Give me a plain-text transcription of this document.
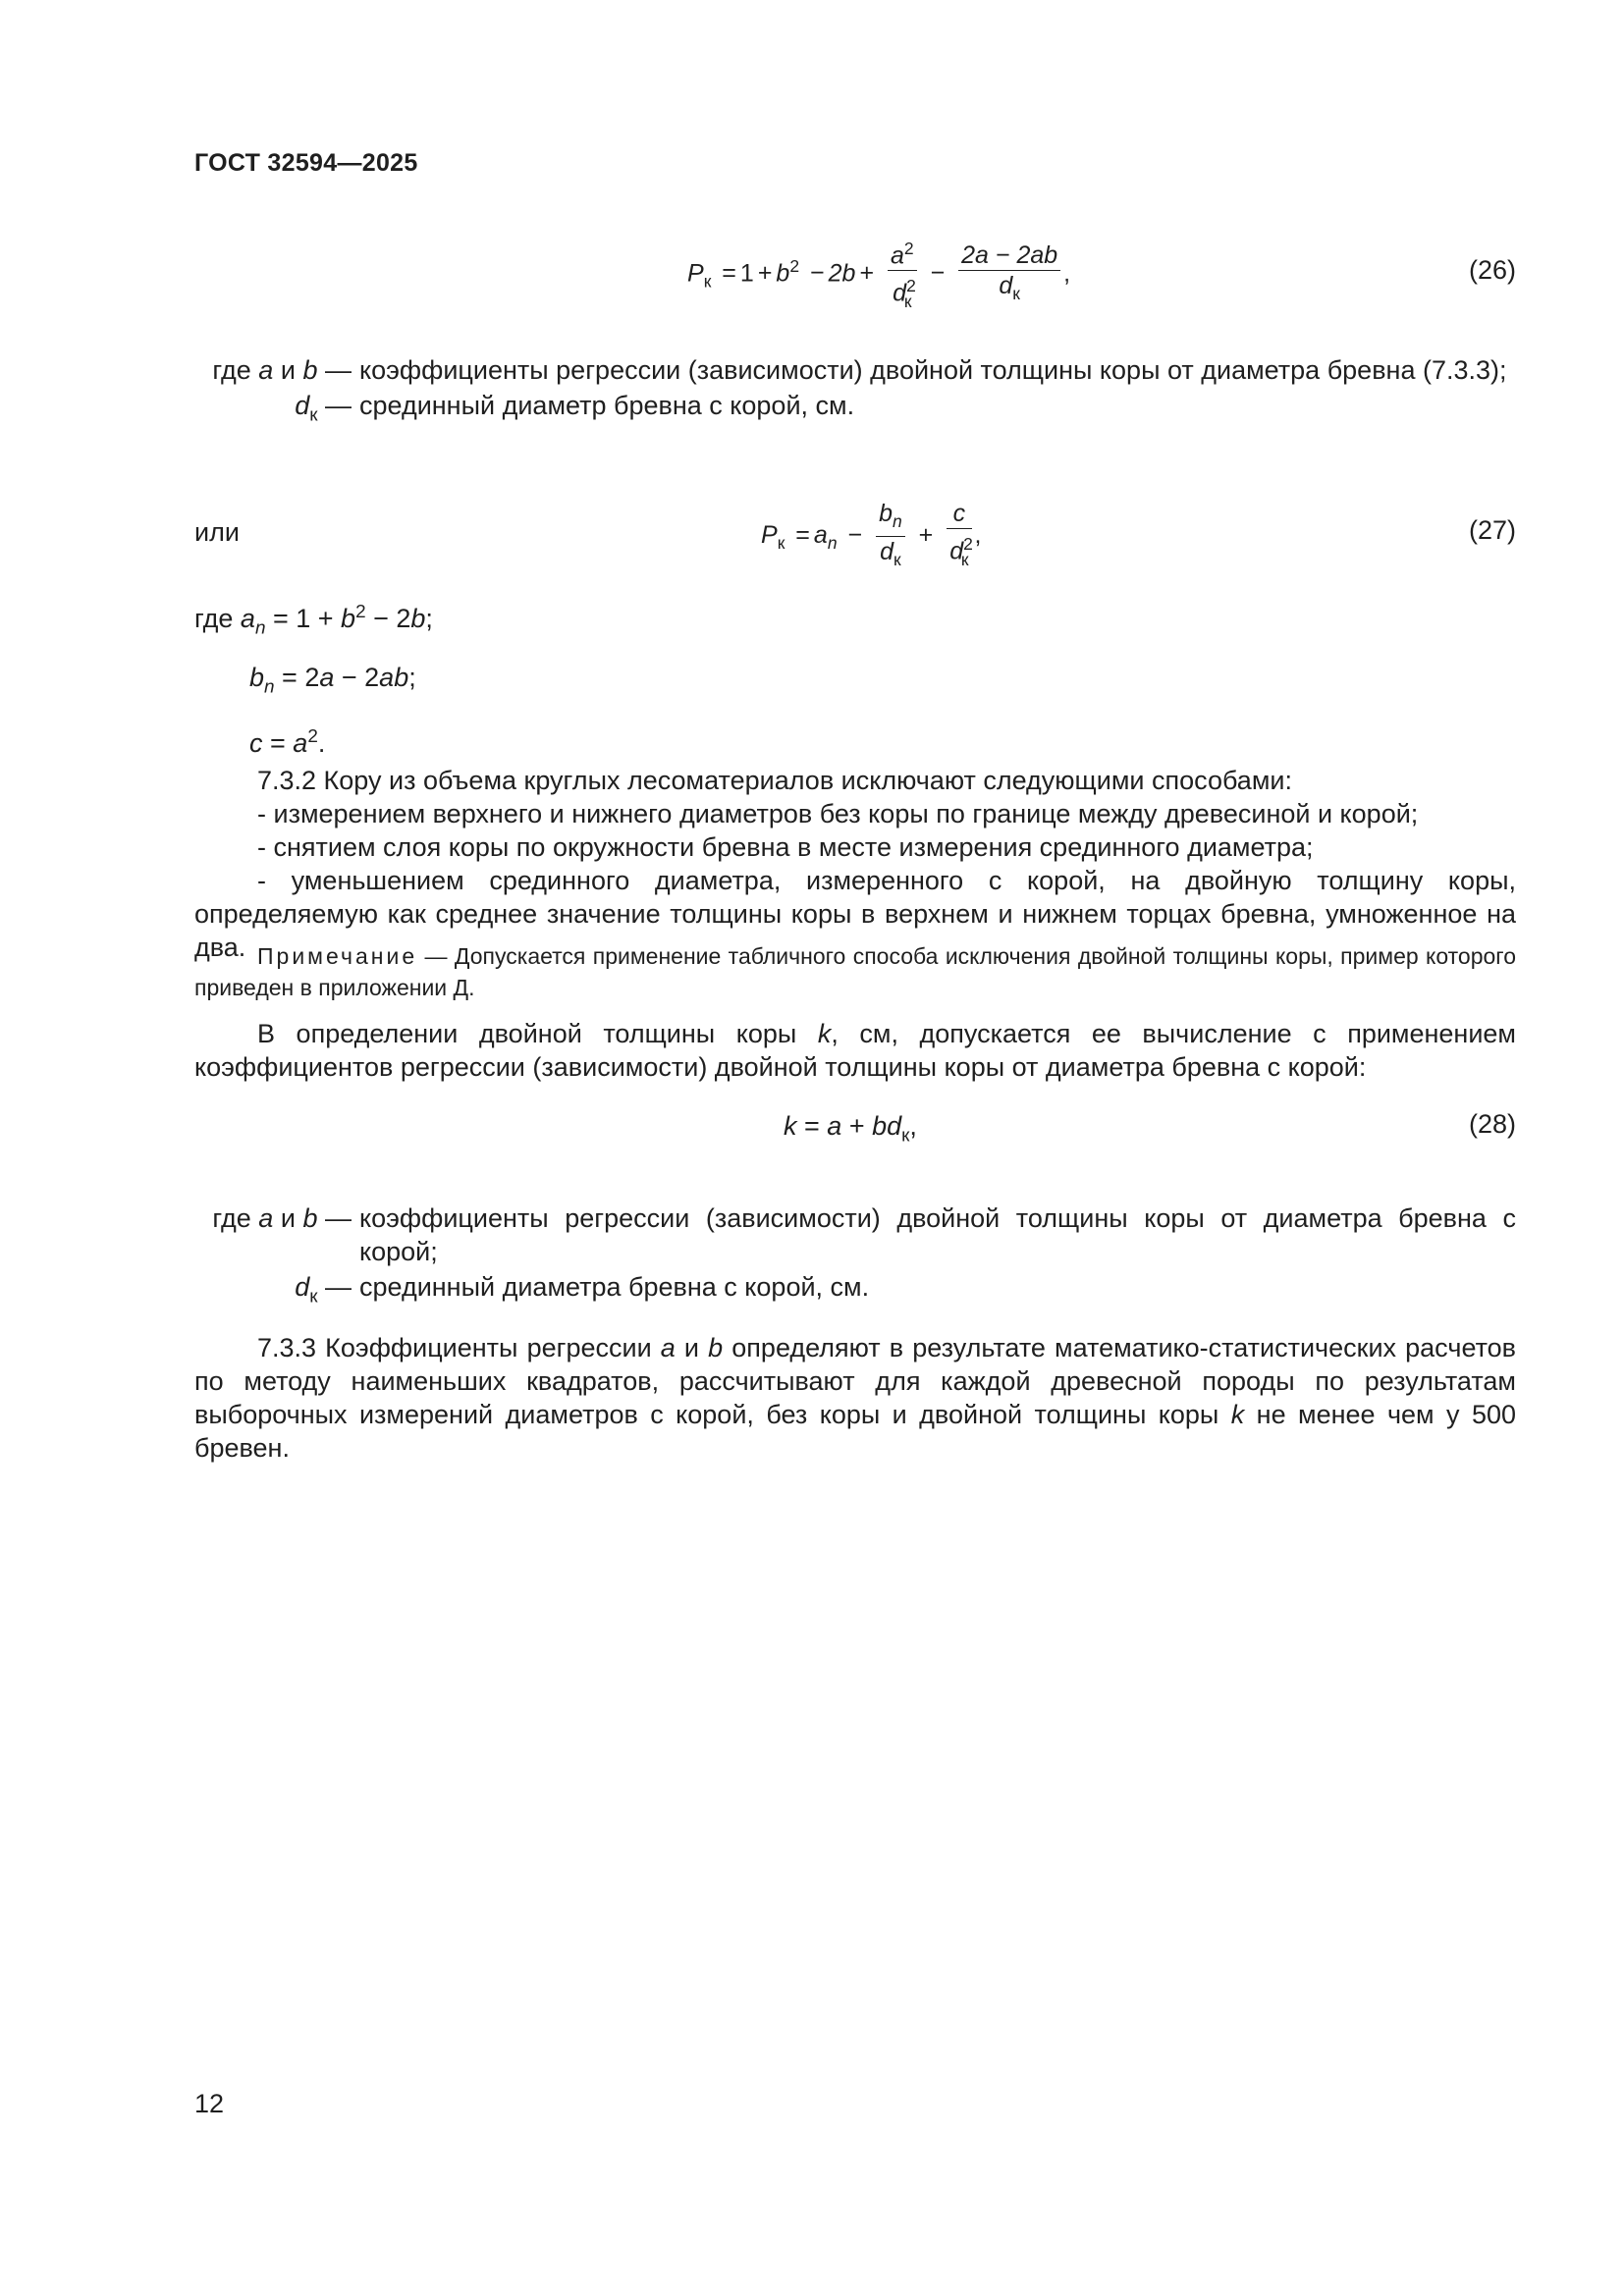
ГОСТ 32594—2025
$P_к = 1 + b^2 - 2b + \frac{a^2}{d^2_к} - \frac{2a - 2ab}{d_к}$ ,	(26)
где a и b — коэффициенты регрессии (зависимости) двойной толщины коры от диаметра бревна (7.3.3);
$d_к$ — срединный диаметр бревна с корой, см.
или	$P_к = a_n - \frac{b_n}{d_к} + \frac{c}{d^2_к}$ ,	(27)
где $a_n = 1 + b^2 - 2b$;
$b_n = 2a - 2ab$;
$c = a^2$.

7.3.2 Кору из объема круглых лесоматериалов исключают следующими способами:

- измерением верхнего и нижнего диаметров без коры по границе между древесиной и корой;

- снятием слоя коры по окружности бревна в месте измерения срединного диаметра;

- уменьшением срединного диаметра, измеренного с корой, на двойную толщину коры, определяемую как среднее значение толщины коры в верхнем и нижнем торцах бревна, умноженное на два. Примечание — Допускается применение табличного способа исключения двойной толщины коры, пример которого приведен в приложении Д.
В определении двойной толщины коры k, см, допускается ее вычисление с применением коэффициентов регрессии (зависимости) двойной толщины коры от диаметра бревна с корой:
$k = a + bd_к$,	(28)
где a и b — коэффициенты регрессии (зависимости) двойной толщины коры от диаметра бревна с корой;
$d_к$ — срединный диаметра бревна с корой, см.
7.3.3 Коэффициенты регрессии a и b определяют в результате математико-статистических расчетов по методу наименьших квадратов, рассчитывают для каждой древесной породы по результатам выборочных измерений диаметров с корой, без коры и двойной толщины коры k не менее чем у 500 бревен.
12
